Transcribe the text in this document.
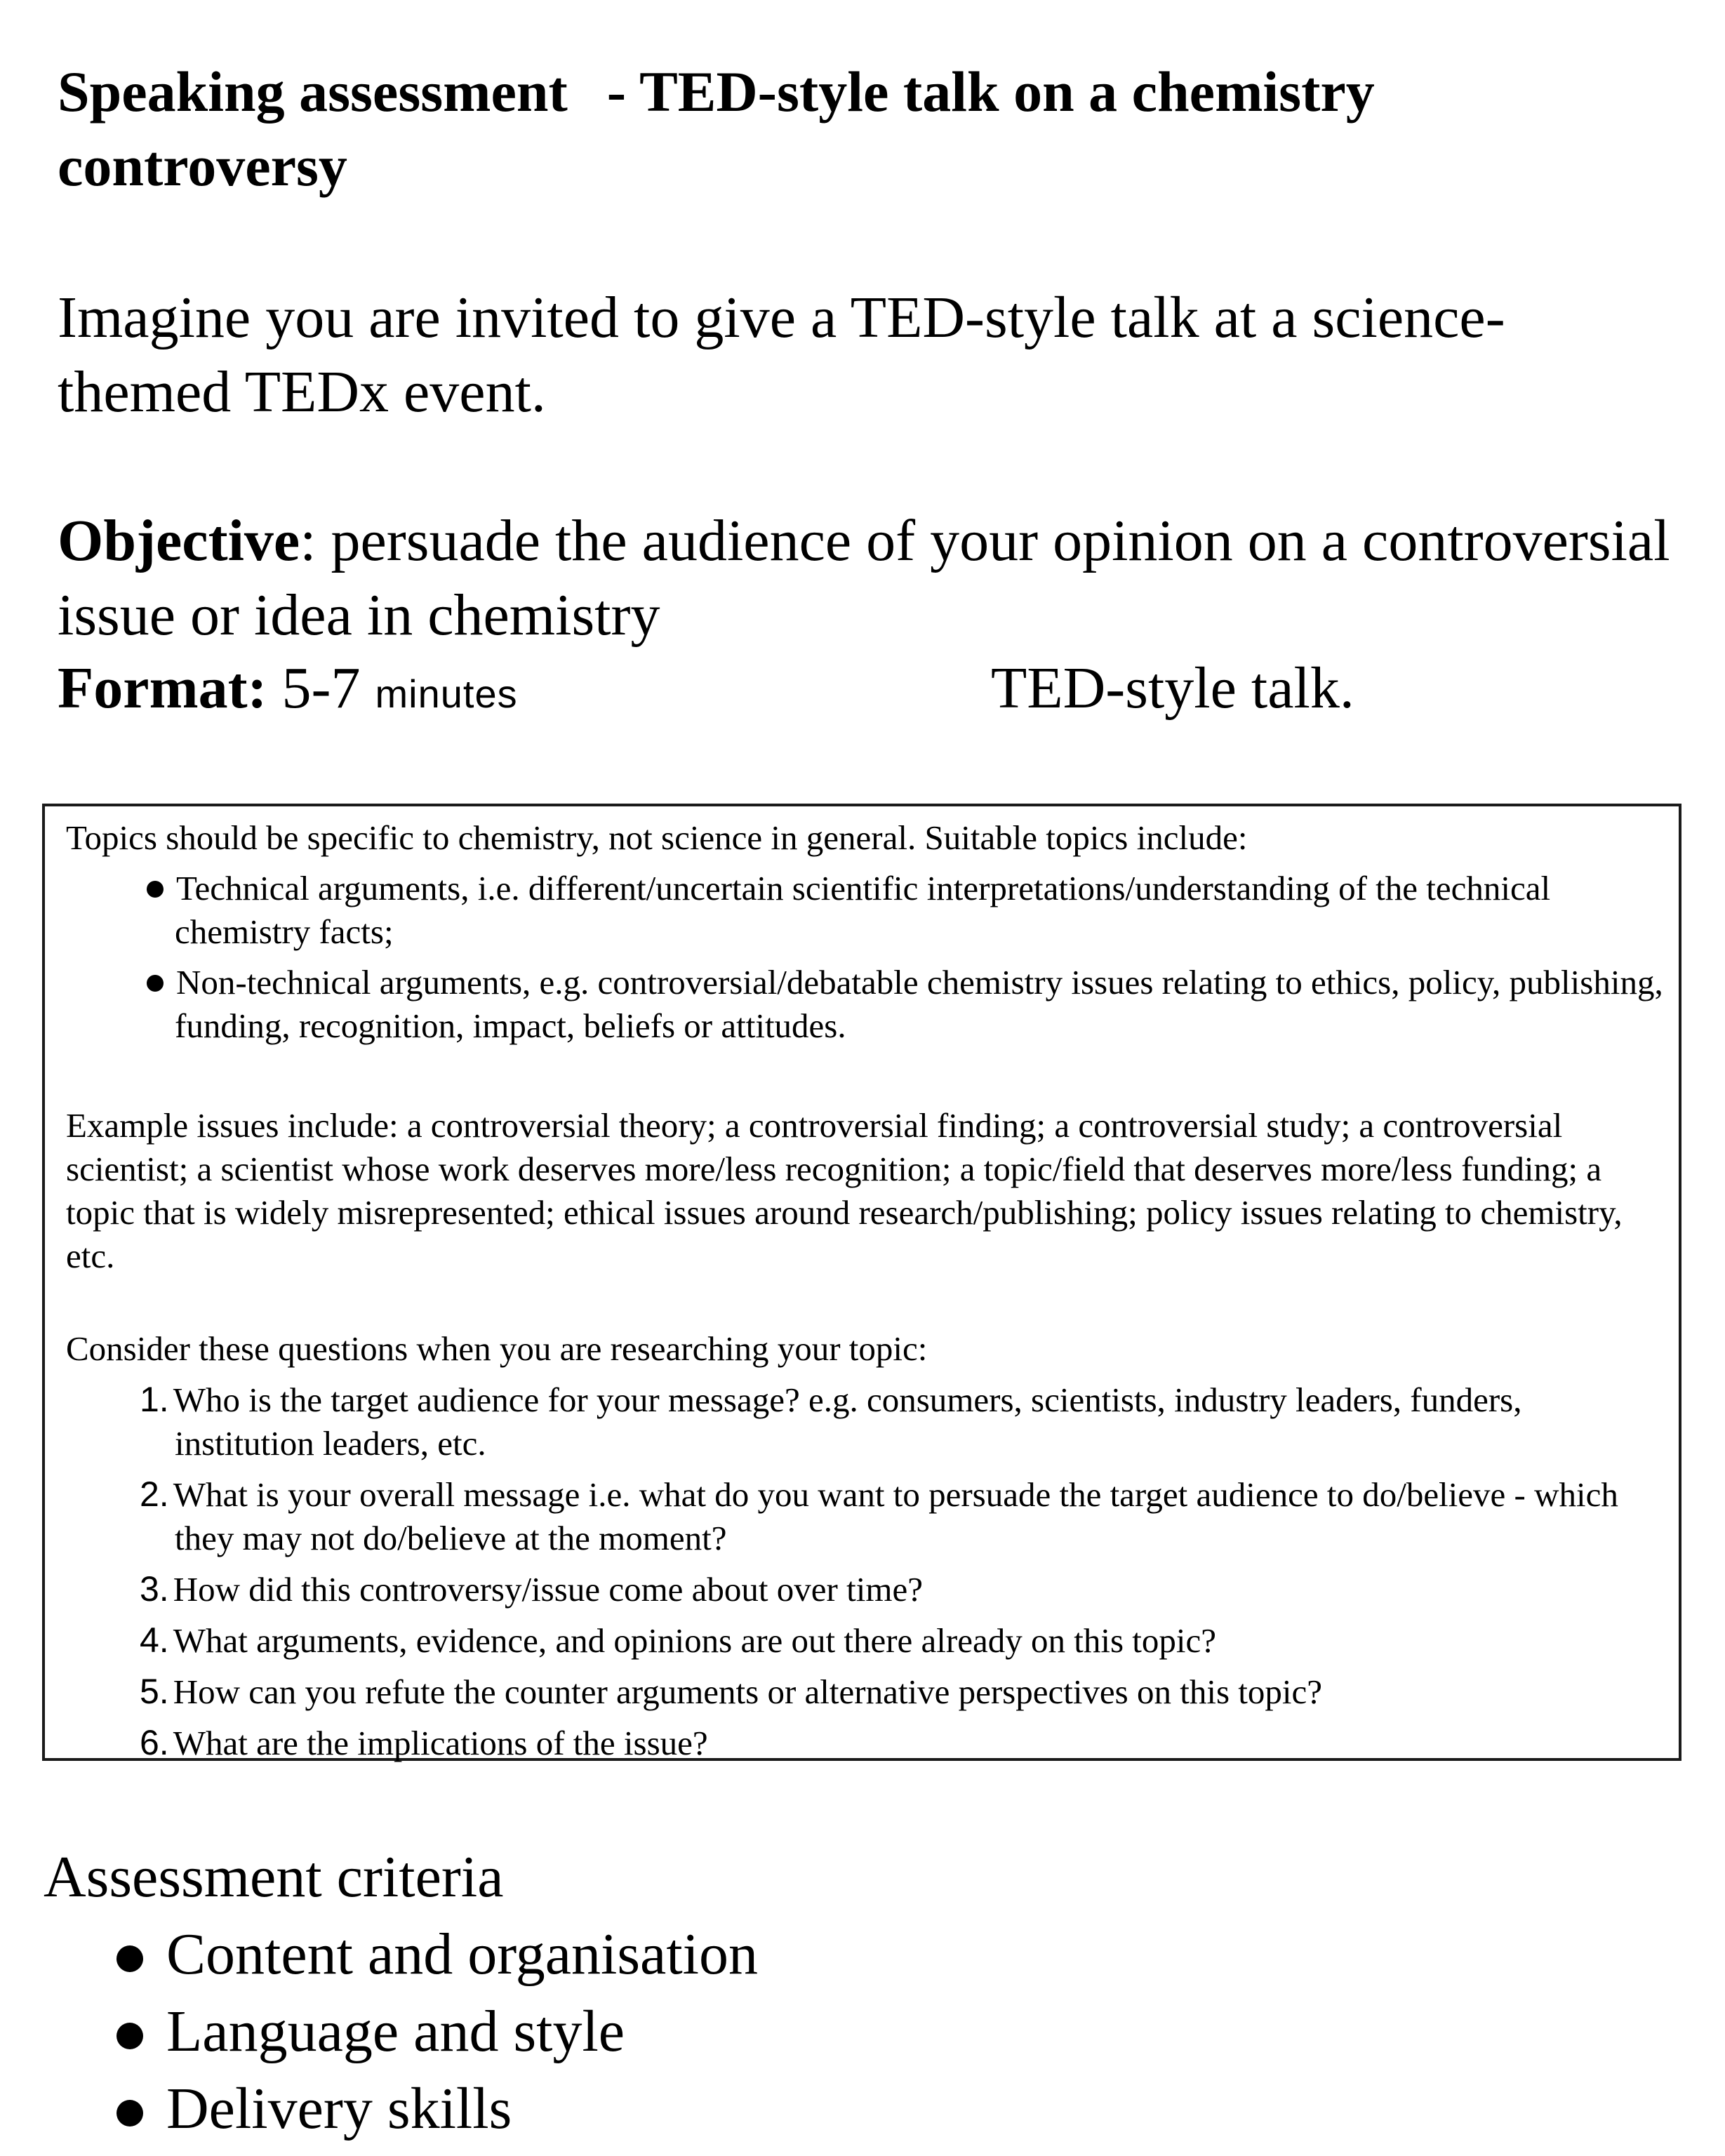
Speaking assessment - TED-style talk on a chemistry controversy

Imagine you are invited to give a TED-style talk at a science-themed TEDx event.

Objective: persuade the audience of your opinion on a controversial issue or idea in chemistry

Format: 5-7 minutes	TED-style talk.

Topics should be specific to chemistry, not science in general. Suitable topics include:

Technical arguments, i.e. different/uncertain scientific interpretations/understanding of the technical chemistry facts;
Non-technical arguments, e.g. controversial/debatable chemistry issues relating to ethics, policy, publishing, funding, recognition, impact, beliefs or attitudes.

Example issues include: a controversial theory; a controversial finding; a controversial study; a controversial scientist; a scientist whose work deserves more/less recognition; a topic/field that deserves more/less funding; a topic that is widely misrepresented; ethical issues around research/publishing; policy issues relating to chemistry, etc.

Consider these questions when you are researching your topic:

1. Who is the target audience for your message? e.g. consumers, scientists, industry leaders, funders, institution leaders, etc.
2. What is your overall message i.e. what do you want to persuade the target audience to do/believe - which they may not do/believe at the moment?
3. How did this controversy/issue come about over time?
4. What arguments, evidence, and opinions are out there already on this topic?
5. How can you refute the counter arguments or alternative perspectives on this topic?
6. What are the implications of the issue?
Assessment criteria
Content and organisation
Language and style
Delivery skills
